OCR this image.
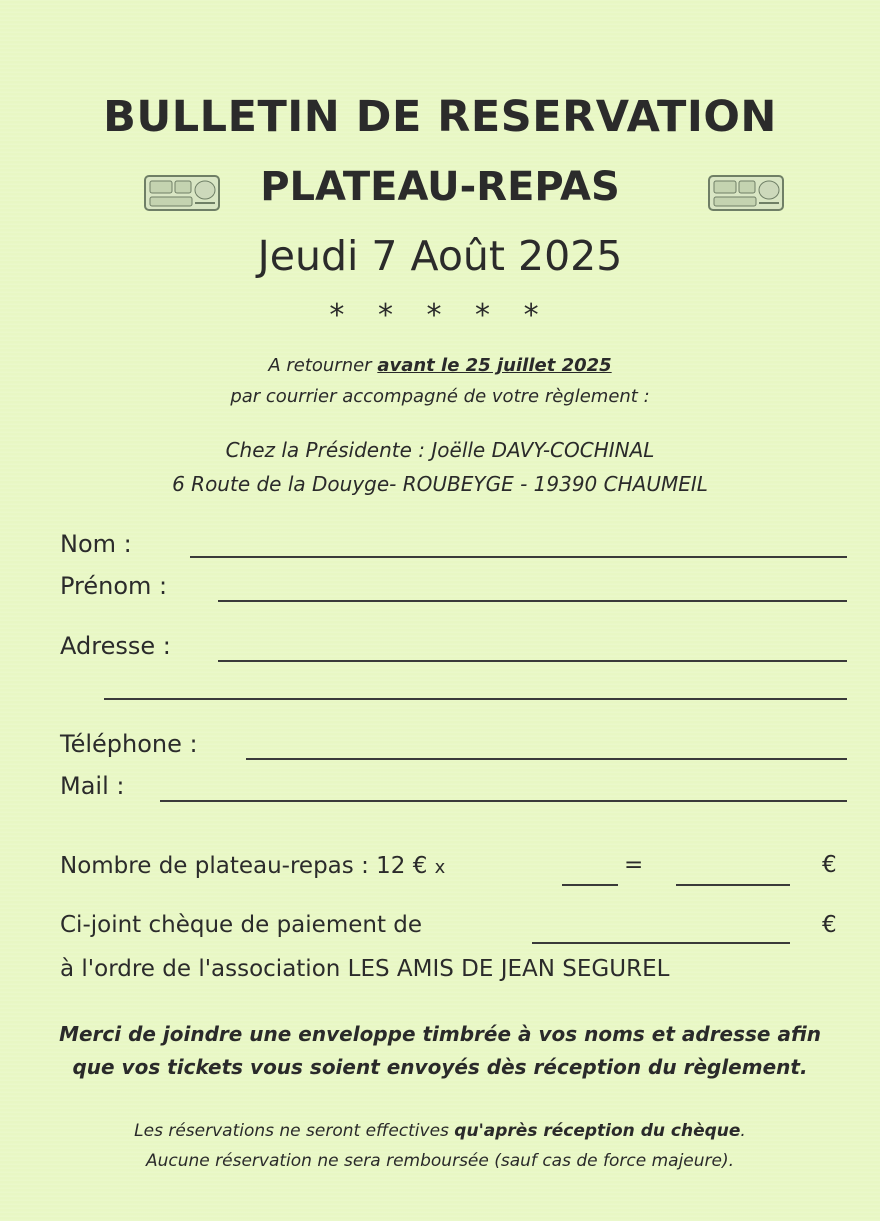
BULLETIN DE RESERVATION
PLATEAU-REPAS
Jeudi 7 Août 2025
* * * * *
A retourner avant le 25 juillet 2025
par courrier accompagné de votre règlement :
Chez la Présidente : Joëlle DAVY-COCHINAL
6 Route de la Douyge- ROUBEYGE - 19390 CHAUMEIL
Nom :
Prénom :
Adresse :
Téléphone :
Mail :
Nombre de plateau-repas : 12 € x	=	€
Ci-joint chèque de paiement de	€
à l'ordre de l'association LES AMIS DE JEAN SEGUREL
Merci de joindre une enveloppe timbrée à vos noms et adresse afin
que vos tickets vous soient envoyés dès réception du règlement.
Les réservations ne seront effectives qu'après réception du chèque.
Aucune réservation ne sera remboursée (sauf cas de force majeure).
